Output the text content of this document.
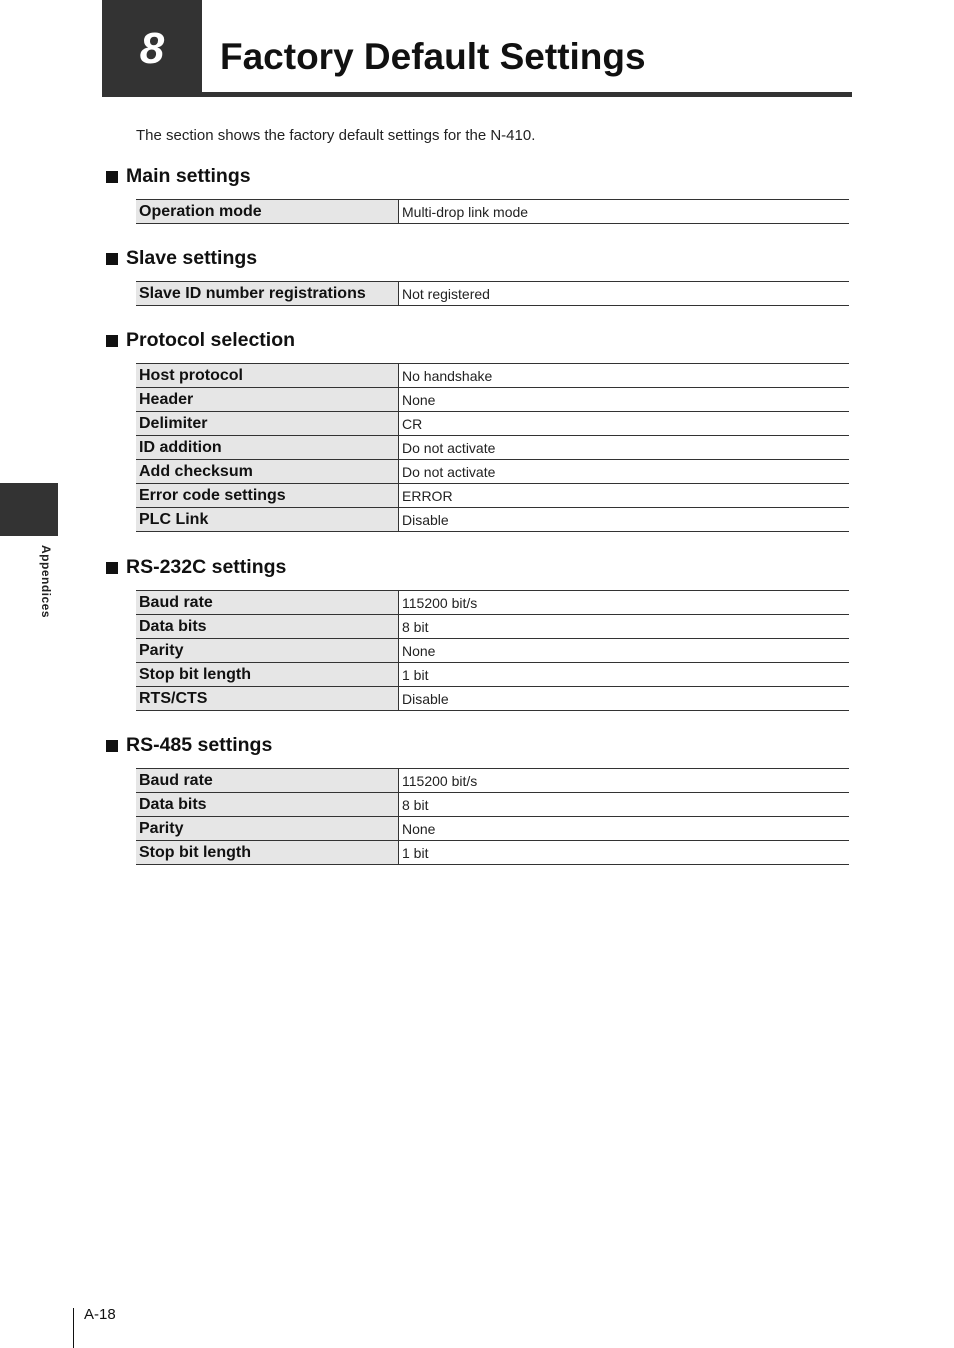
8	Factory Default Settings
The section shows the factory default settings for the N-410.
Main settings
Operation mode	Multi-drop link mode
Slave settings
Slave ID number registrations	Not registered
Protocol selection
Host protocol	No handshake
Header	None
Delimiter	CR
ID addition	Do not activate
Add checksum	Do not activate
Error code settings	ERROR
PLC Link	Disable
RS-232C settings
Baud rate	115200 bit/s
Data bits	8 bit
Parity	None
Stop bit length	1 bit
RTS/CTS	Disable
RS-485 settings
Baud rate	115200 bit/s
Data bits	8 bit
Parity	None
Stop bit length	1 bit
Appendices
A-18
